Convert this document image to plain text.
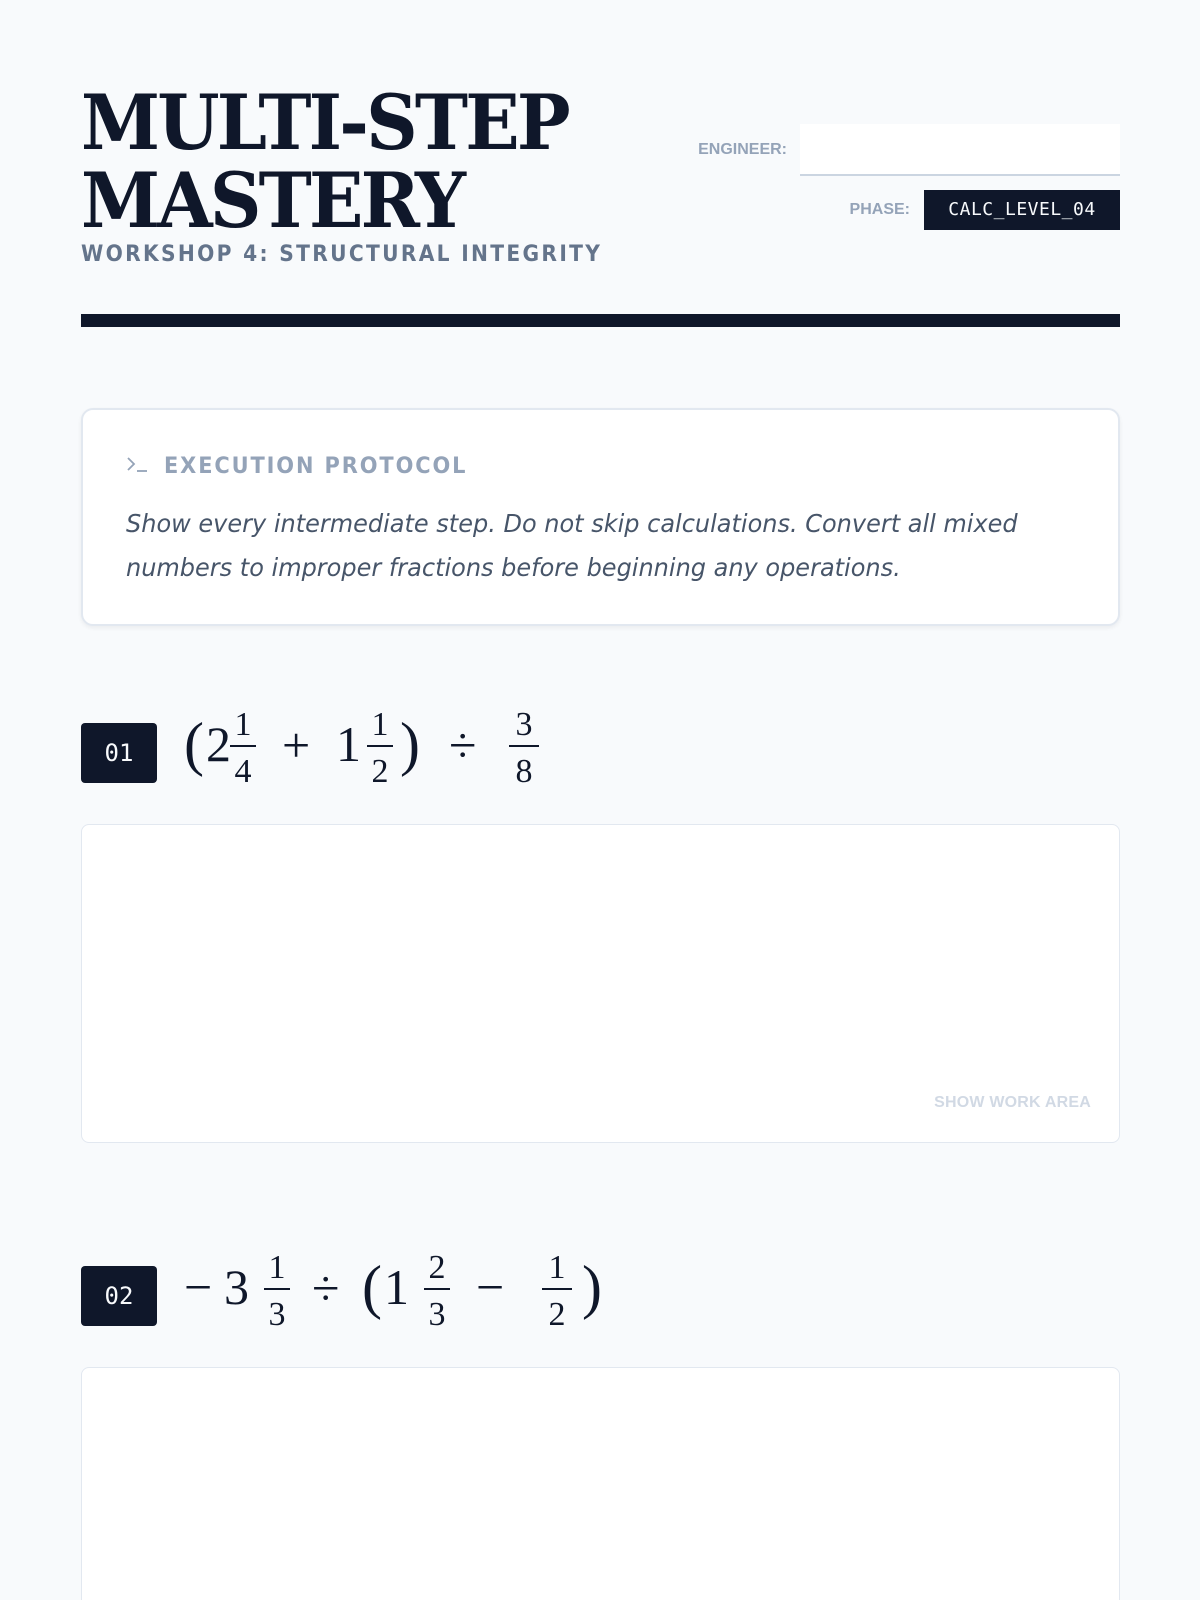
MULTI-STEP
MASTERY
WORKSHOP 4: STRUCTURAL INTEGRITY
ENGINEER:
PHASE:	CALC_LEVEL_04
EXECUTION PROTOCOL

Show every intermediate step. Do not skip calculations. Convert all mixed numbers to improper fractions before beginning any operations.

01 ( 2 1
4 + 1 1
2 ) ÷ 3
8
SHOW WORK AREA
02	− 3 1
3 ÷ ( 1 2
3 − 1
2 )
